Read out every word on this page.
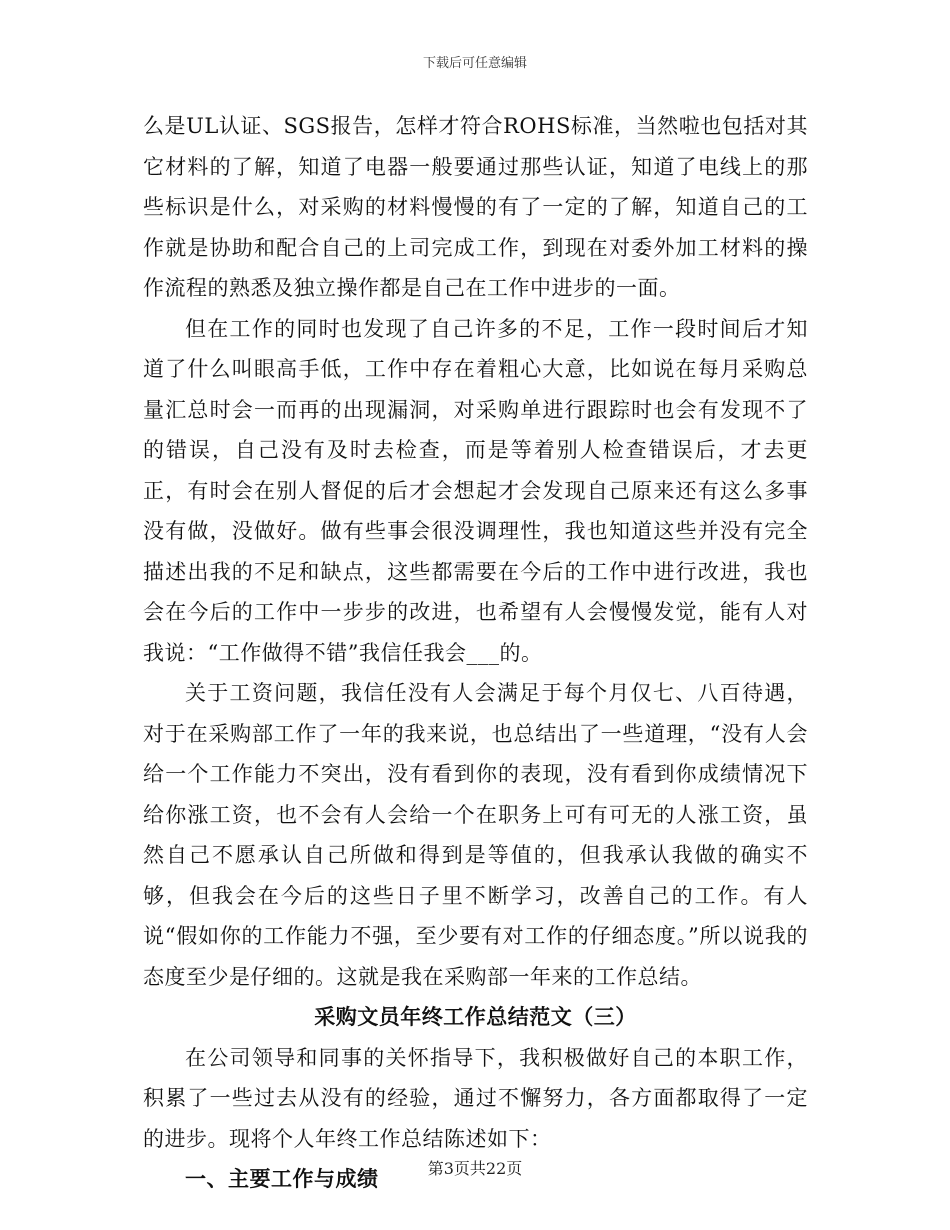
下载后可任意编辑

么是UL认证、SGS报告，怎样才符合ROHS标准，当然啦也包括对其它材料的了解，知道了电器一般要通过那些认证，知道了电线上的那些标识是什么，对采购的材料慢慢的有了一定的了解，知道自己的工作就是协助和配合自己的上司完成工作，到现在对委外加工材料的操作流程的熟悉及独立操作都是自己在工作中进步的一面。

但在工作的同时也发现了自己许多的不足，工作一段时间后才知道了什么叫眼高手低，工作中存在着粗心大意，比如说在每月采购总量汇总时会一而再的出现漏洞，对采购单进行跟踪时也会有发现不了的错误，自己没有及时去检查，而是等着别人检查错误后，才去更正，有时会在别人督促的后才会想起才会发现自己原来还有这么多事没有做，没做好。做有些事会很没调理性，我也知道这些并没有完全描述出我的不足和缺点，这些都需要在今后的工作中进行改进，我也会在今后的工作中一步步的改进，也希望有人会慢慢发觉，能有人对我说：“工作做得不错”我信任我会___的。

关于工资问题，我信任没有人会满足于每个月仅七、八百待遇，对于在采购部工作了一年的我来说，也总结出了一些道理，“没有人会给一个工作能力不突出，没有看到你的表现，没有看到你成绩情况下给你涨工资，也不会有人会给一个在职务上可有可无的人涨工资，虽然自己不愿承认自己所做和得到是等值的，但我承认我做的确实不够，但我会在今后的这些日子里不断学习，改善自己的工作。有人说“假如你的工作能力不强，至少要有对工作的仔细态度。”所以说我的态度至少是仔细的。这就是我在采购部一年来的工作总结。

采购文员年终工作总结范文（三）

在公司领导和同事的关怀指导下，我积极做好自己的本职工作，积累了一些过去从没有的经验，通过不懈努力，各方面都取得了一定的进步。现将个人年终工作总结陈述如下：

一、主要工作与成绩	第3页共22页
